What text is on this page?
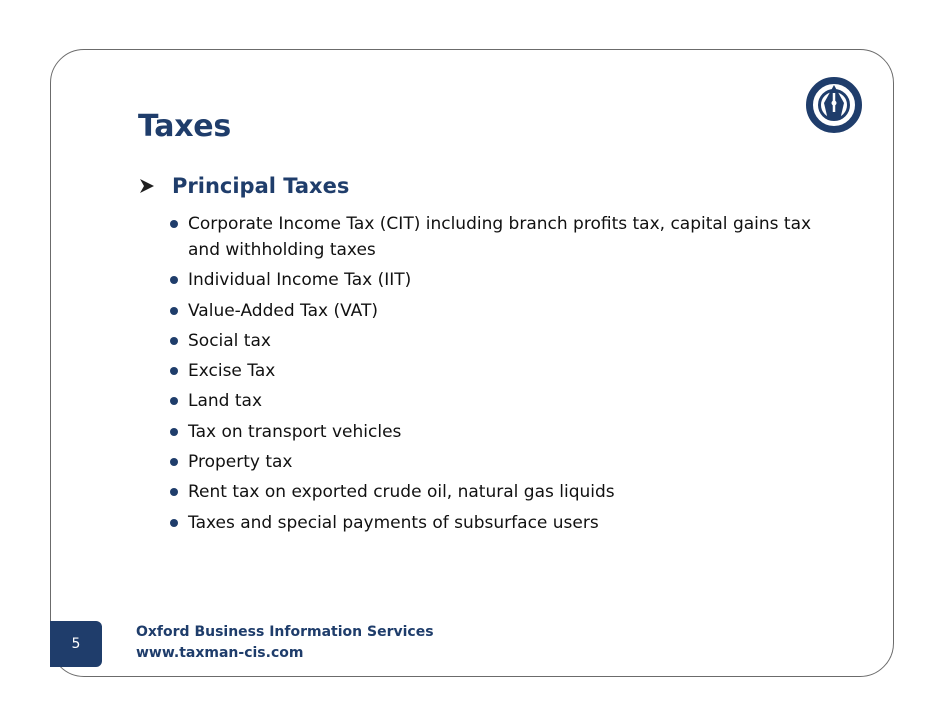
Taxes
Principal Taxes
Corporate Income Tax (CIT) including branch profits tax, capital gains tax and withholding taxes
Individual Income Tax (IIT)
Value-Added Tax (VAT)
Social tax
Excise Tax
Land tax
Tax on transport vehicles
Property tax
Rent tax on exported crude oil, natural gas liquids
Taxes and special payments of subsurface users
5
Oxford Business Information Services
www.taxman-cis.com
